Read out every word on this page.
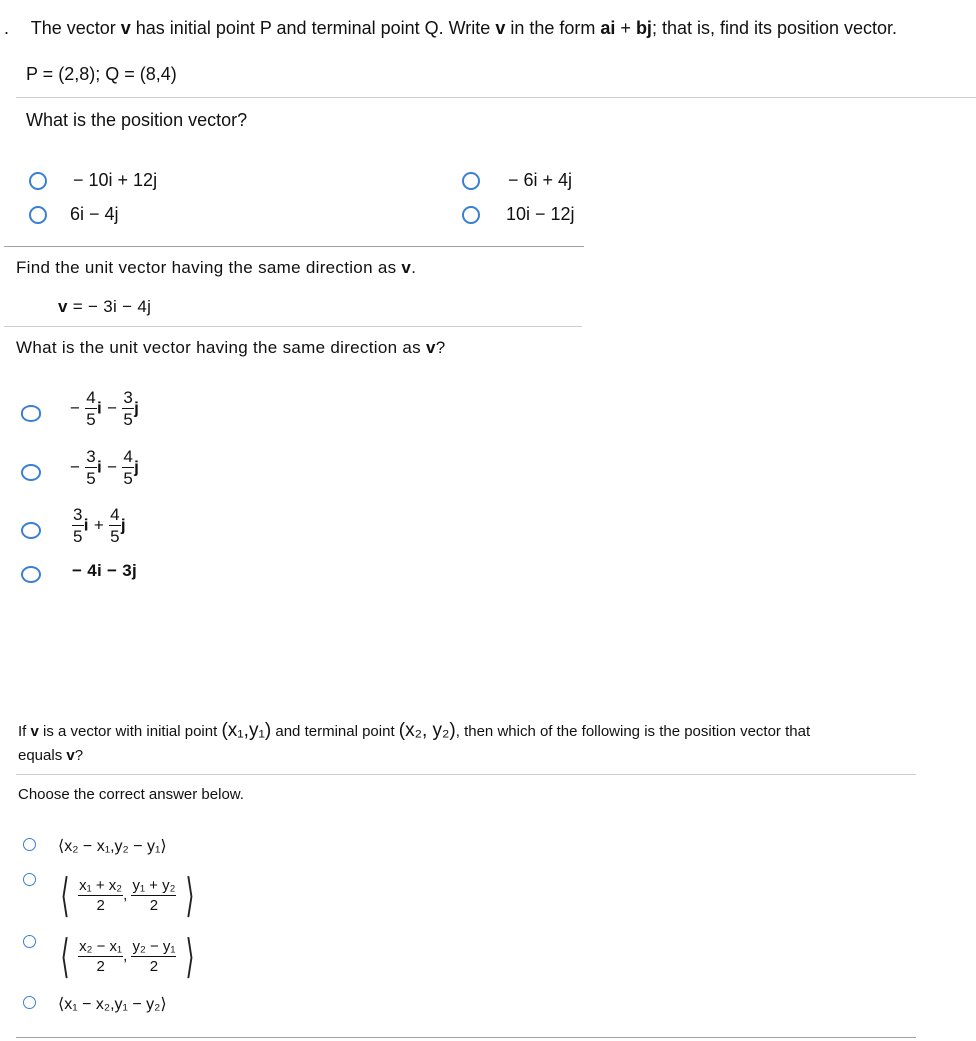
. The vector v has initial point P and terminal point Q. Write v in the form ai + bj; that is, find its position vector.
P = (2,8); Q = (8,4)
What is the position vector?
− 10i + 12j
6i − 4j
− 6i + 4j
10i − 12j
Find the unit vector having the same direction as v.
v = − 3i − 4j
What is the unit vector having the same direction as v?
− $\frac{4}{5}$ $i - \frac{3}{5}$ j
− $\frac{3}{5}$ $i - \frac{4}{5}$ j
$\frac{3}{5}$ $i + \frac{4}{5}$ j
− 4i − 3j
If v is a vector with initial point (x₁,y₁) and terminal point (x₂, y₂), then which of the following is the position vector that
equals v?
Choose the correct answer below.
⟨x₂ − x₁,y₂ − y₁⟩
⟨ $\frac{\text{x₁ + x₂}}{2}$ , $\frac{\text{y₁ + y₂}}{2}$ ⟩
⟨ $\frac{\text{x₂ − x₁}}{2}$ , $\frac{\text{y₂ − y₁}}{2}$ ⟩
⟨x₁ − x₂,y₁ − y₂⟩
